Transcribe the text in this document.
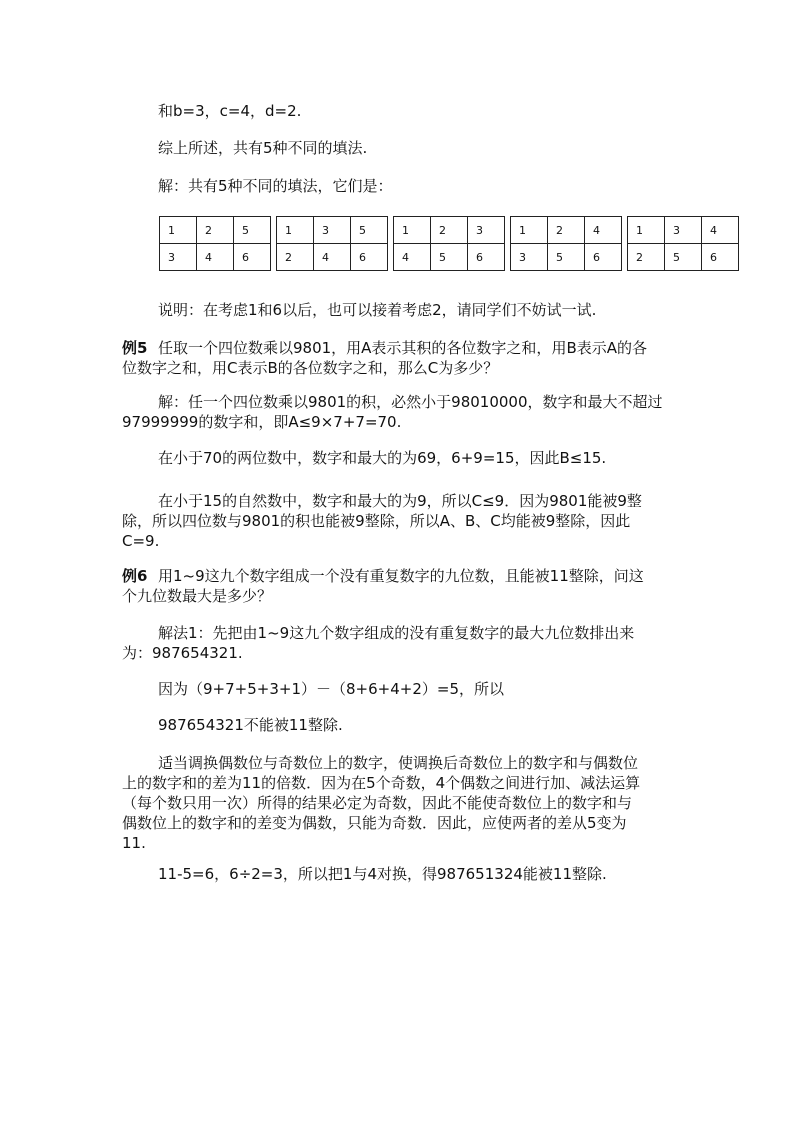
和b=3，c=4，d=2.
综上所述，共有5种不同的填法.
解：共有5种不同的填法，它们是：
1	2	5
3	4	6
1	3	5
2	4	6
1	2	3
4	5	6
1	2	4
3	5	6
1	3	4
2	5	6
说明：在考虑1和6以后，也可以接着考虑2，请同学们不妨试一试.
例5 任取一个四位数乘以9801，用A表示其积的各位数字之和，用B表示A的各
位数字之和，用C表示B的各位数字之和，那么C为多少？
解：任一个四位数乘以9801的积，必然小于98010000，数字和最大不超过
97999999的数字和，即A≤9×7+7=70.
在小于70的两位数中，数字和最大的为69，6+9=15，因此B≤15.
在小于15的自然数中，数字和最大的为9，所以C≤9．因为9801能被9整
除，所以四位数与9801的积也能被9整除，所以A、B、C均能被9整除，因此
C=9.
例6 用1~9这九个数字组成一个没有重复数字的九位数，且能被11整除，问这
个九位数最大是多少？
解法1：先把由1~9这九个数字组成的没有重复数字的最大九位数排出来
为：987654321.
因为（9+7+5+3+1）－（8+6+4+2）=5，所以
987654321不能被11整除.
适当调换偶数位与奇数位上的数字，使调换后奇数位上的数字和与偶数位
上的数字和的差为11的倍数．因为在5个奇数，4个偶数之间进行加、减法运算
（每个数只用一次）所得的结果必定为奇数，因此不能使奇数位上的数字和与
偶数位上的数字和的差变为偶数，只能为奇数．因此，应使两者的差从5变为
11.
11-5=6，6÷2=3，所以把1与4对换，得987651324能被11整除.
